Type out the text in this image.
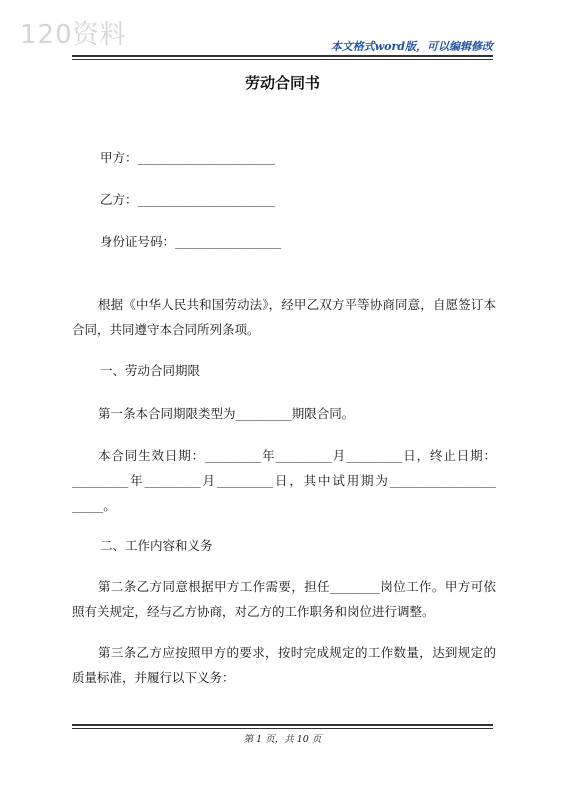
120资料	本文格式word版，可以编辑修改
劳动合同书
甲方：______________________
乙方：______________________
身份证号码：_________________
根据《中华人民共和国劳动法》，经甲乙双方平等协商同意，自愿签订本合同，共同遵守本合同所列条项。
一、劳动合同期限
第一条本合同期限类型为_________期限合同。
本合同生效日期：_________年_________月_________日，终止日期：_________年_________月_________日，其中试用期为_________________ _____。
二、工作内容和义务
第二条乙方同意根据甲方工作需要，担任________岗位工作。甲方可依照有关规定，经与乙方协商，对乙方的工作职务和岗位进行调整。
第三条乙方应按照甲方的要求，按时完成规定的工作数量，达到规定的质量标准，并履行以下义务：
第 1 页，共 10 页
